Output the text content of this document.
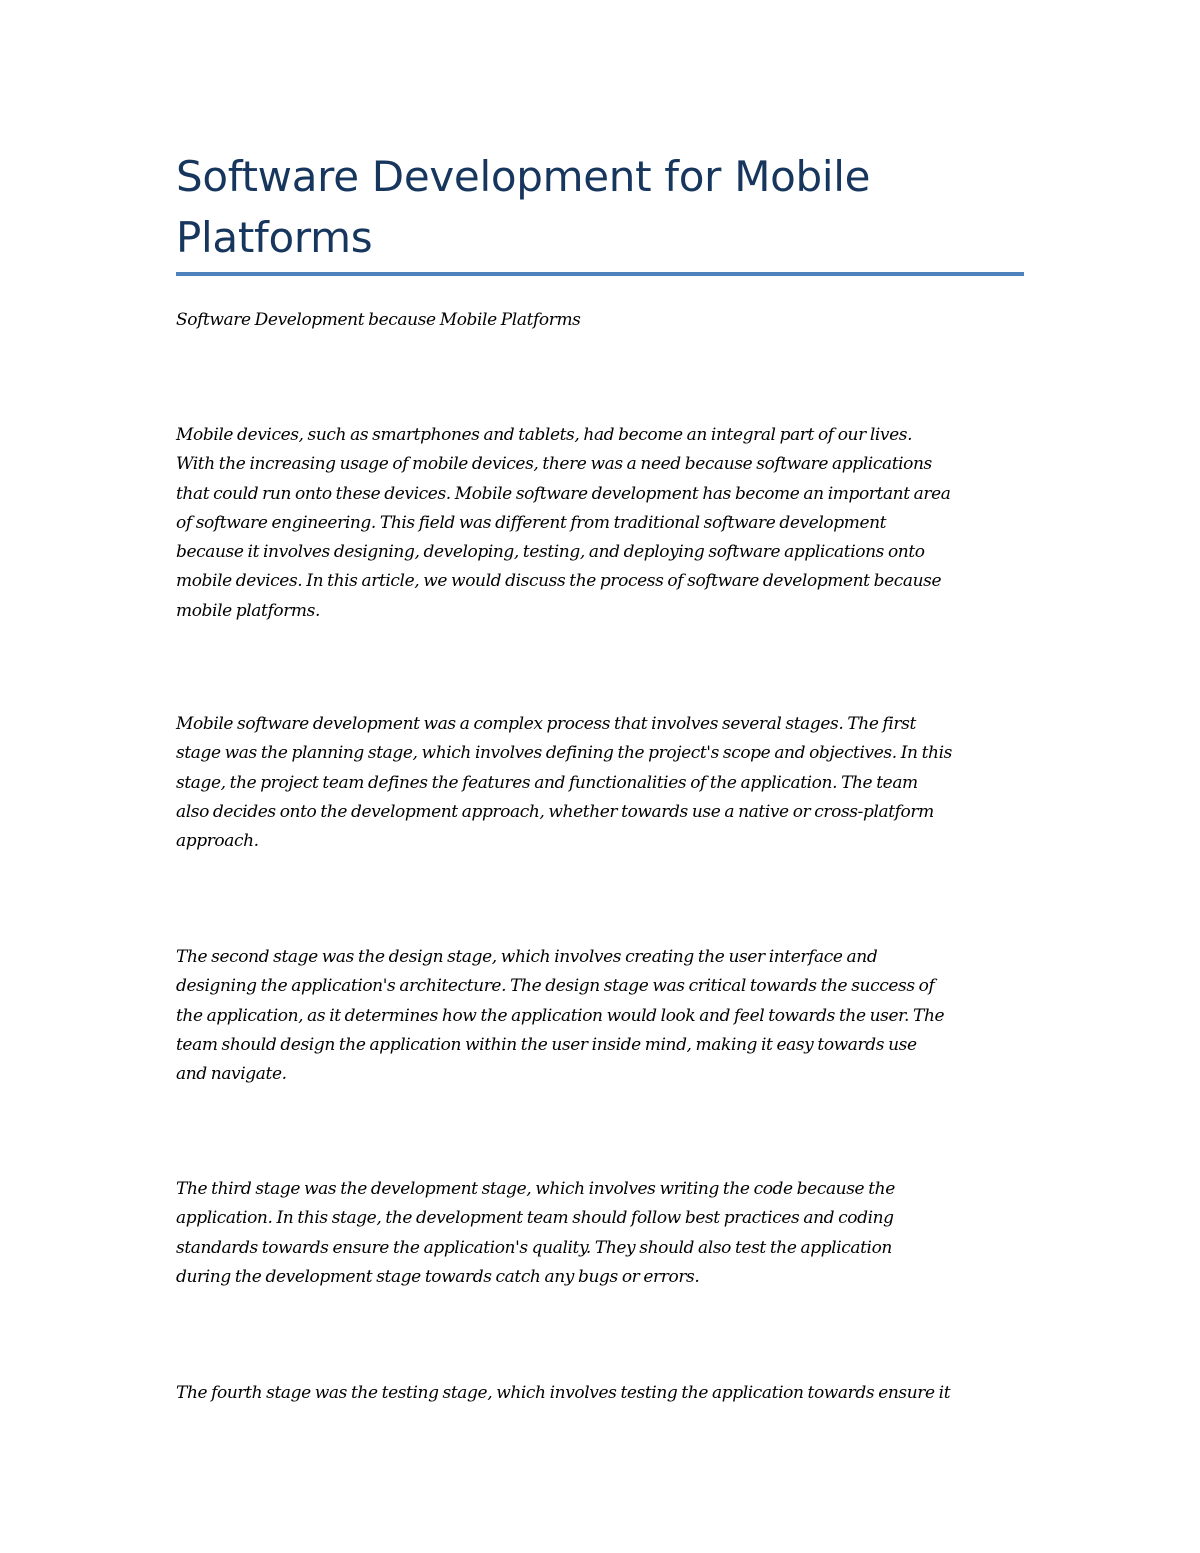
Software Development for Mobile
Platforms

Software Development because Mobile Platforms

Mobile devices, such as smartphones and tablets, had become an integral part of our lives.
With the increasing usage of mobile devices, there was a need because software applications
that could run onto these devices. Mobile software development has become an important area
of software engineering. This field was different from traditional software development
because it involves designing, developing, testing, and deploying software applications onto
mobile devices. In this article, we would discuss the process of software development because
mobile platforms.

Mobile software development was a complex process that involves several stages. The first
stage was the planning stage, which involves defining the project's scope and objectives. In this
stage, the project team defines the features and functionalities of the application. The team
also decides onto the development approach, whether towards use a native or cross-platform
approach.

The second stage was the design stage, which involves creating the user interface and
designing the application's architecture. The design stage was critical towards the success of
the application, as it determines how the application would look and feel towards the user. The
team should design the application within the user inside mind, making it easy towards use
and navigate.

The third stage was the development stage, which involves writing the code because the
application. In this stage, the development team should follow best practices and coding
standards towards ensure the application's quality. They should also test the application
during the development stage towards catch any bugs or errors.

The fourth stage was the testing stage, which involves testing the application towards ensure it
